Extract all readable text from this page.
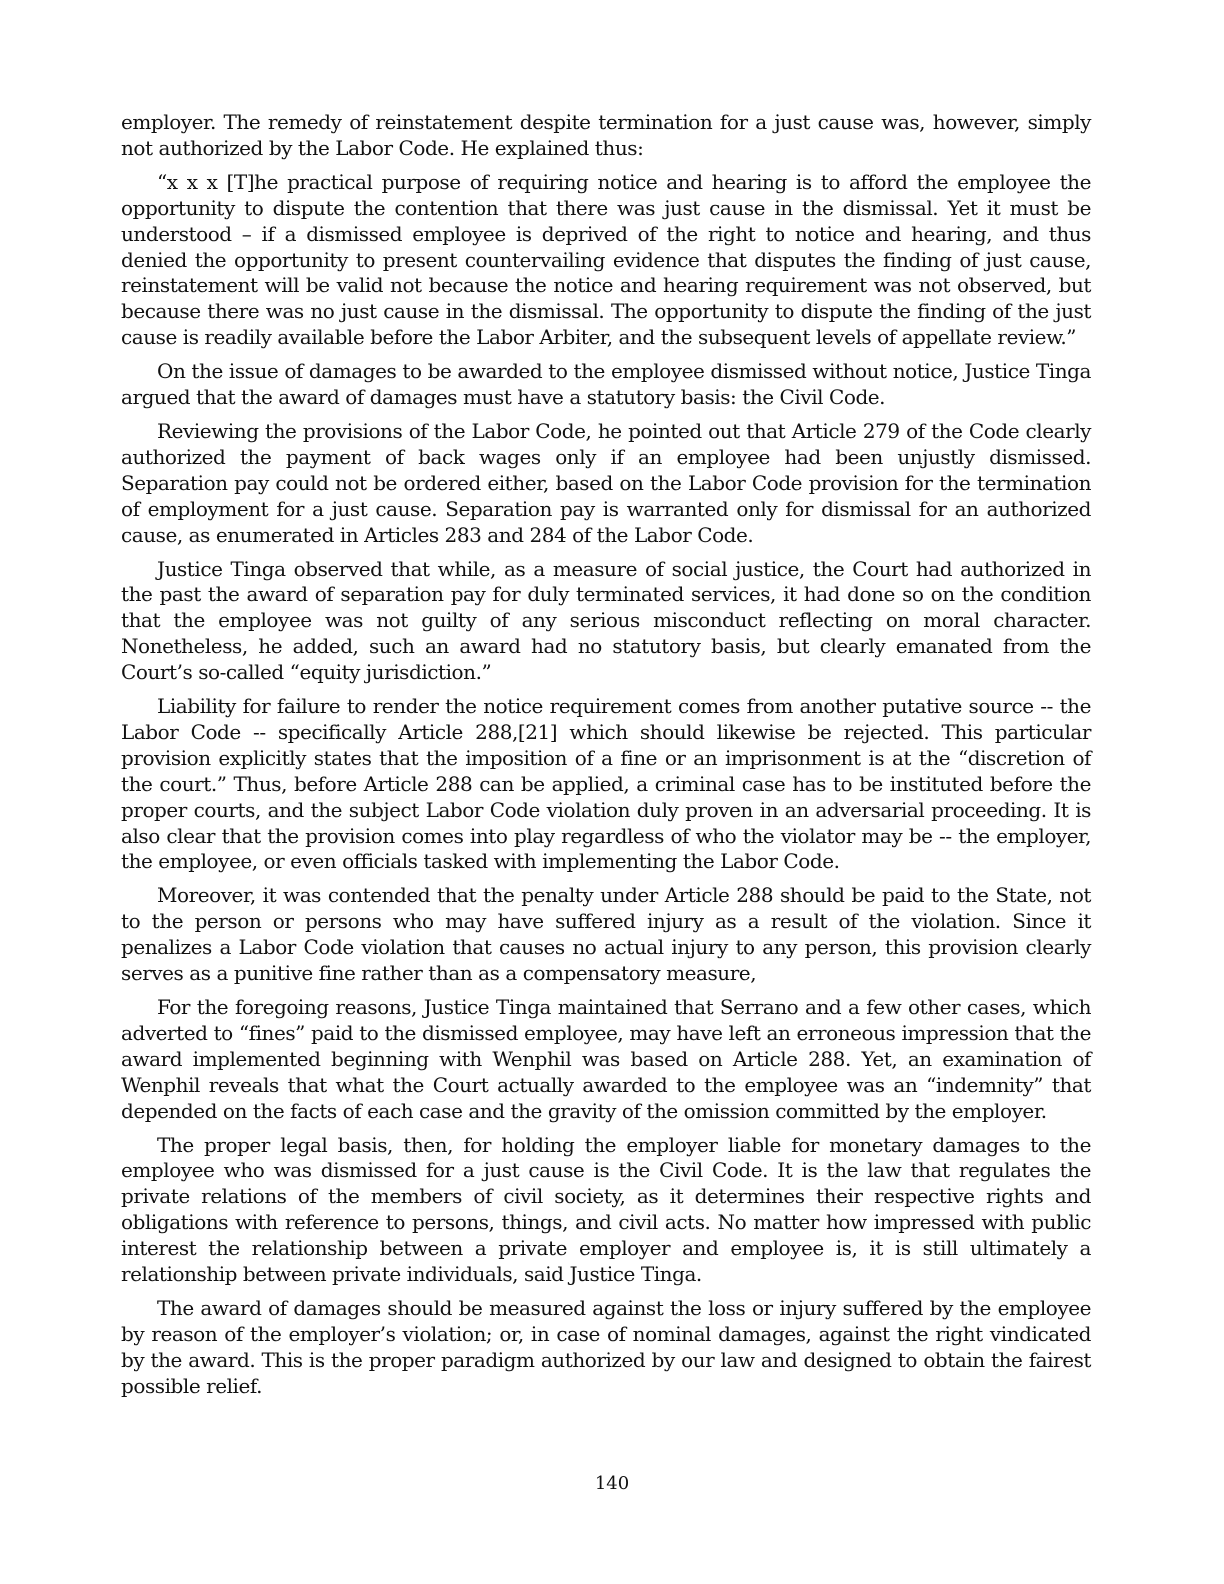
employer. The remedy of reinstatement despite termination for a just cause was, however, simply not authorized by the Labor Code. He explained thus:

“x x x [T]he practical purpose of requiring notice and hearing is to afford the employee the opportunity to dispute the contention that there was just cause in the dismissal. Yet it must be understood – if a dismissed employee is deprived of the right to notice and hearing, and thus denied the opportunity to present countervailing evidence that disputes the finding of just cause, reinstatement will be valid not because the notice and hearing requirement was not observed, but because there was no just cause in the dismissal. The opportunity to dispute the finding of the just cause is readily available before the Labor Arbiter, and the subsequent levels of appellate review.”

On the issue of damages to be awarded to the employee dismissed without notice, Justice Tinga argued that the award of damages must have a statutory basis: the Civil Code.

Reviewing the provisions of the Labor Code, he pointed out that Article 279 of the Code clearly authorized the payment of back wages only if an employee had been unjustly dismissed. Separation pay could not be ordered either, based on the Labor Code provision for the termination of employment for a just cause. Separation pay is warranted only for dismissal for an authorized cause, as enumerated in Articles 283 and 284 of the Labor Code.

Justice Tinga observed that while, as a measure of social justice, the Court had authorized in the past the award of separation pay for duly terminated services, it had done so on the condition that the employee was not guilty of any serious misconduct reflecting on moral character. Nonetheless, he added, such an award had no statutory basis, but clearly emanated from the Court’s so-called “equity jurisdiction.”

Liability for failure to render the notice requirement comes from another putative source -- the Labor Code -- specifically Article 288,[21] which should likewise be rejected. This particular provision explicitly states that the imposition of a fine or an imprisonment is at the “discretion of the court.” Thus, before Article 288 can be applied, a criminal case has to be instituted before the proper courts, and the subject Labor Code violation duly proven in an adversarial proceeding. It is also clear that the provision comes into play regardless of who the violator may be -- the employer, the employee, or even officials tasked with implementing the Labor Code.

Moreover, it was contended that the penalty under Article 288 should be paid to the State, not to the person or persons who may have suffered injury as a result of the violation. Since it penalizes a Labor Code violation that causes no actual injury to any person, this provision clearly serves as a punitive fine rather than as a compensatory measure,

For the foregoing reasons, Justice Tinga maintained that Serrano and a few other cases, which adverted to “fines” paid to the dismissed employee, may have left an erroneous impression that the award implemented beginning with Wenphil was based on Article 288. Yet, an examination of Wenphil reveals that what the Court actually awarded to the employee was an “indemnity” that depended on the facts of each case and the gravity of the omission committed by the employer.

The proper legal basis, then, for holding the employer liable for monetary damages to the employee who was dismissed for a just cause is the Civil Code. It is the law that regulates the private relations of the members of civil society, as it determines their respective rights and obligations with reference to persons, things, and civil acts. No matter how impressed with public interest the relationship between a private employer and employee is, it is still ultimately a relationship between private individuals, said Justice Tinga.

The award of damages should be measured against the loss or injury suffered by the employee by reason of the employer’s violation; or, in case of nominal damages, against the right vindicated by the award. This is the proper paradigm authorized by our law and designed to obtain the fairest possible relief.

140
